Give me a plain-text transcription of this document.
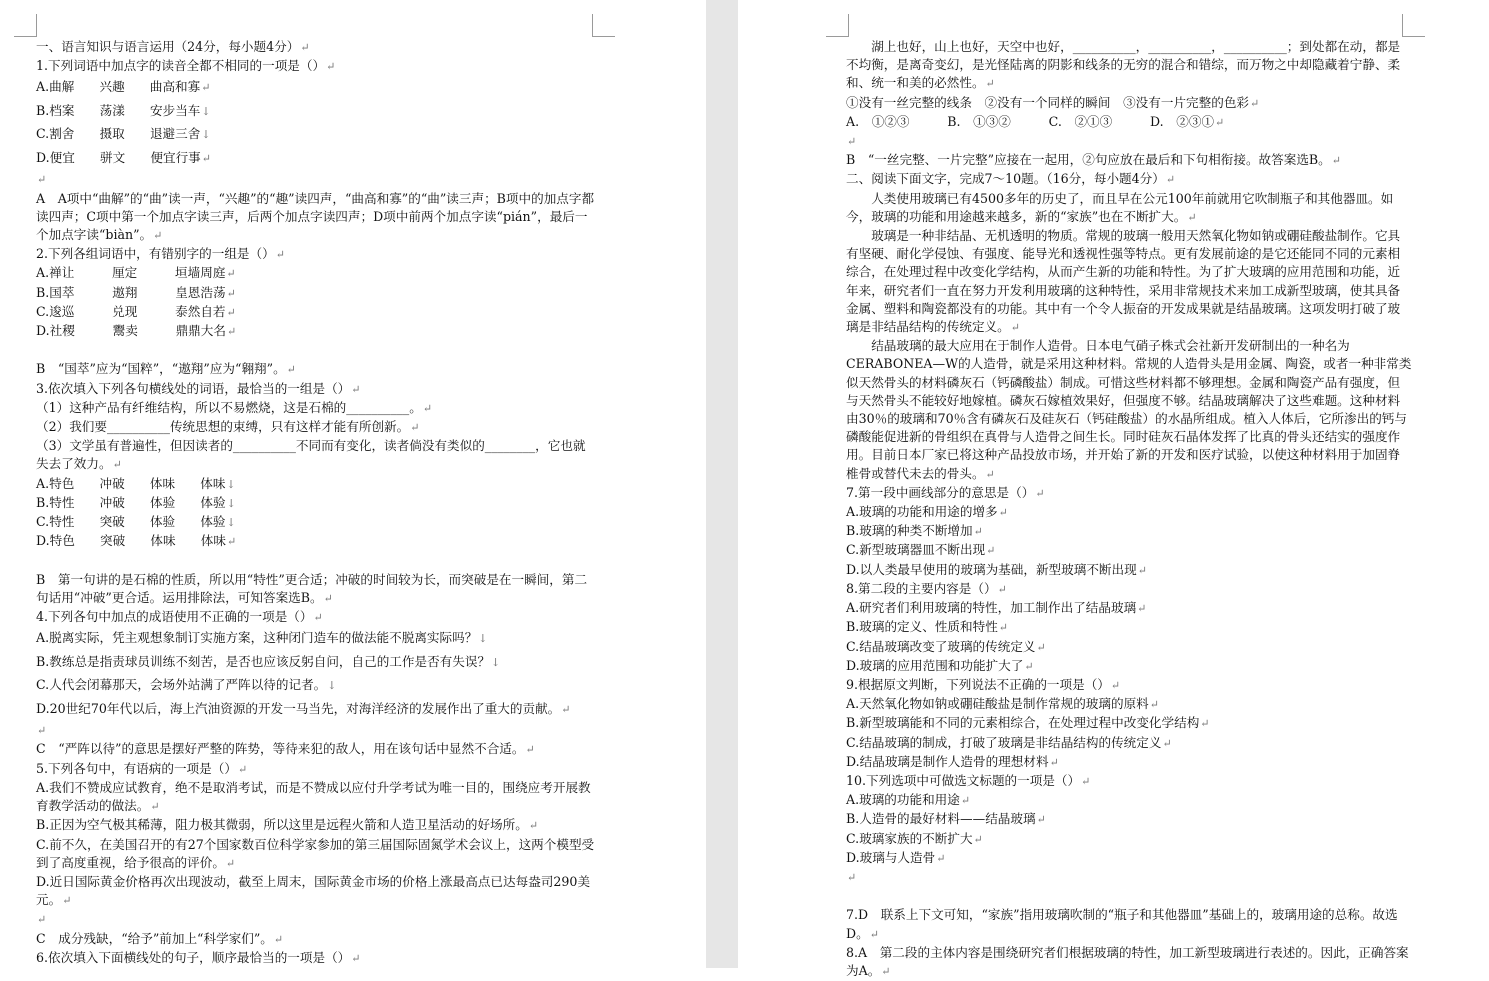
一、语言知识与语言运用（24分，每小题4分）↵
1.下列词语中加点字的读音全都不相同的一项是（）↵
A.曲解　　兴趣　　曲高和寡↵
B.档案　　荡漾　　安步当车↓
C.割舍　　摄取　　退避三舍↓
D.便宜　　骈文　　便宜行事↵
↵
A　A项中“曲解”的“曲”读一声，“兴趣”的“趣”读四声，“曲高和寡”的“曲”读三声；B项中的加点字都读四声；C项中第一个加点字读三声，后两个加点字读四声；D项中前两个加点字读“pián”，最后一个加点字读“biàn”。↵
2.下列各组词语中，有错别字的一组是（）↵
A.禅让　　　厘定　　　垣墙周庭↵
B.国萃　　　遨翔　　　皇恩浩荡↵
C.逡巡　　　兑现　　　泰然自若↵
D.社稷　　　鬻卖　　　鼎鼎大名↵
B　“国萃”应为“国粹”，“遨翔”应为“翱翔”。↵
3.依次填入下列各句横线处的词语，最恰当的一组是（）↵
（1）这种产品有纤维结构，所以不易燃烧，这是石棉的__________。↵
（2）我们要__________传统思想的束缚，只有这样才能有所创新。↵
（3）文学虽有普遍性，但因读者的__________不同而有变化，读者倘没有类似的________，它也就失去了效力。↵
A.特色　　冲破　　体味　　体味↓
B.特性　　冲破　　体验　　体验↓
C.特性　　突破　　体验　　体验↓
D.特色　　突破　　体味　　体味↵
B　第一句讲的是石棉的性质，所以用“特性”更合适；冲破的时间较为长，而突破是在一瞬间，第二句话用“冲破”更合适。运用排除法，可知答案选B。↵
4.下列各句中加点的成语使用不正确的一项是（）↵
A.脱离实际，凭主观想象制订实施方案，这种闭门造车的做法能不脱离实际吗？↓
B.教练总是指责球员训练不刻苦，是否也应该反躬自问，自己的工作是否有失误？↓
C.人代会闭幕那天，会场外站满了严阵以待的记者。↓
D.20世纪70年代以后，海上汽油资源的开发一马当先，对海洋经济的发展作出了重大的贡献。↵
↵
C　“严阵以待”的意思是摆好严整的阵势，等待来犯的敌人，用在该句话中显然不合适。↵
5.下列各句中，有语病的一项是（）↵
A.我们不赞成应试教育，绝不是取消考试，而是不赞成以应付升学考试为唯一目的，围绕应考开展教育教学活动的做法。↵
B.正因为空气极其稀薄，阻力极其微弱，所以这里是远程火箭和人造卫星活动的好场所。↵
C.前不久，在美国召开的有27个国家数百位科学家参加的第三届国际固氮学术会议上，这两个模型受到了高度重视，给予很高的评价。↵
D.近日国际黄金价格再次出现波动，截至上周末，国际黄金市场的价格上涨最高点已达每盎司290美元。↵
↵
C　成分残缺，“给予”前加上“科学家们”。↵
6.依次填入下面横线处的句子，顺序最恰当的一项是（）↵
　　湖上也好，山上也好，天空中也好，__________，__________，__________；到处都在动，都是不均衡，是离奇变幻，是光怪陆离的阴影和线条的无穷的混合和错综，而万物之中却隐藏着宁静、柔和、统一和美的必然性。↵
①没有一丝完整的线条　②没有一个同样的瞬间　③没有一片完整的色彩↵
A.　①②③　　　B.　①③②　　　C.　②①③　　　D.　②③①↵
↵
B　“一丝完整、一片完整”应接在一起用，②句应放在最后和下句相衔接。故答案选B。↵
二、阅读下面文字，完成7～10题。（16分，每小题4分）↵
　　人类使用玻璃已有4500多年的历史了，而且早在公元100年前就用它吹制瓶子和其他器皿。如今，玻璃的功能和用途越来越多，新的“家族”也在不断扩大。↵
　　玻璃是一种非结晶、无机透明的物质。常规的玻璃一般用天然氧化物如钠或硼硅酸盐制作。它具有坚硬、耐化学侵蚀、有强度、能导光和透视性强等特点。更有发展前途的是它还能同不同的元素相综合，在处理过程中改变化学结构，从而产生新的功能和特性。为了扩大玻璃的应用范围和功能，近年来，研究者们一直在努力开发利用玻璃的这种特性，采用非常规技术来加工成新型玻璃，使其具备金属、塑料和陶瓷都没有的功能。其中有一个令人振奋的开发成果就是结晶玻璃。这项发明打破了玻璃是非结晶结构的传统定义。↵
　　结晶玻璃的最大应用在于制作人造骨。日本电气硝子株式会社新开发研制出的一种名为CERABONEA—W的人造骨，就是采用这种材料。常规的人造骨头是用金属、陶瓷，或者一种非常类似天然骨头的材料磷灰石（钙磷酸盐）制成。可惜这些材料都不够理想。金属和陶瓷产品有强度，但与天然骨头不能较好地嫁植。磷灰石嫁植效果好，但强度不够。结晶玻璃解决了这些难题。这种材料由30％的玻璃和70％含有磷灰石及硅灰石（钙硅酸盐）的水晶所组成。植入人体后，它所渗出的钙与磷酸能促进新的骨组织在真骨与人造骨之间生长。同时硅灰石晶体发挥了比真的骨头还结实的强度作用。目前日本厂家已将这种产品投放市场，并开始了新的开发和医疗试验，以使这种材料用于加固脊椎骨或替代未去的骨头。↵
7.第一段中画线部分的意思是（）↵
A.玻璃的功能和用途的增多↵
B.玻璃的种类不断增加↵
C.新型玻璃器皿不断出现↵
D.以人类最早使用的玻璃为基础，新型玻璃不断出现↵
8.第二段的主要内容是（）↵
A.研究者们利用玻璃的特性，加工制作出了结晶玻璃↵
B.玻璃的定义、性质和特性↵
C.结晶玻璃改变了玻璃的传统定义↵
D.玻璃的应用范围和功能扩大了↵
9.根据原文判断，下列说法不正确的一项是（）↵
A.天然氧化物如钠或硼硅酸盐是制作常规的玻璃的原料↵
B.新型玻璃能和不同的元素相综合，在处理过程中改变化学结构↵
C.结晶玻璃的制成，打破了玻璃是非结晶结构的传统定义↵
D.结晶玻璃是制作人造骨的理想材料↵
10.下列选项中可做选文标题的一项是（）↵
A.玻璃的功能和用途↵
B.人造骨的最好材料——结晶玻璃↵
C.玻璃家族的不断扩大↵
D.玻璃与人造骨↵
↵
7.D　联系上下文可知，“家族”指用玻璃吹制的“瓶子和其他器皿”基础上的，玻璃用途的总称。故选D。↵
8.A　第二段的主体内容是围绕研究者们根据玻璃的特性，加工新型玻璃进行表述的。因此，正确答案为A。↵
